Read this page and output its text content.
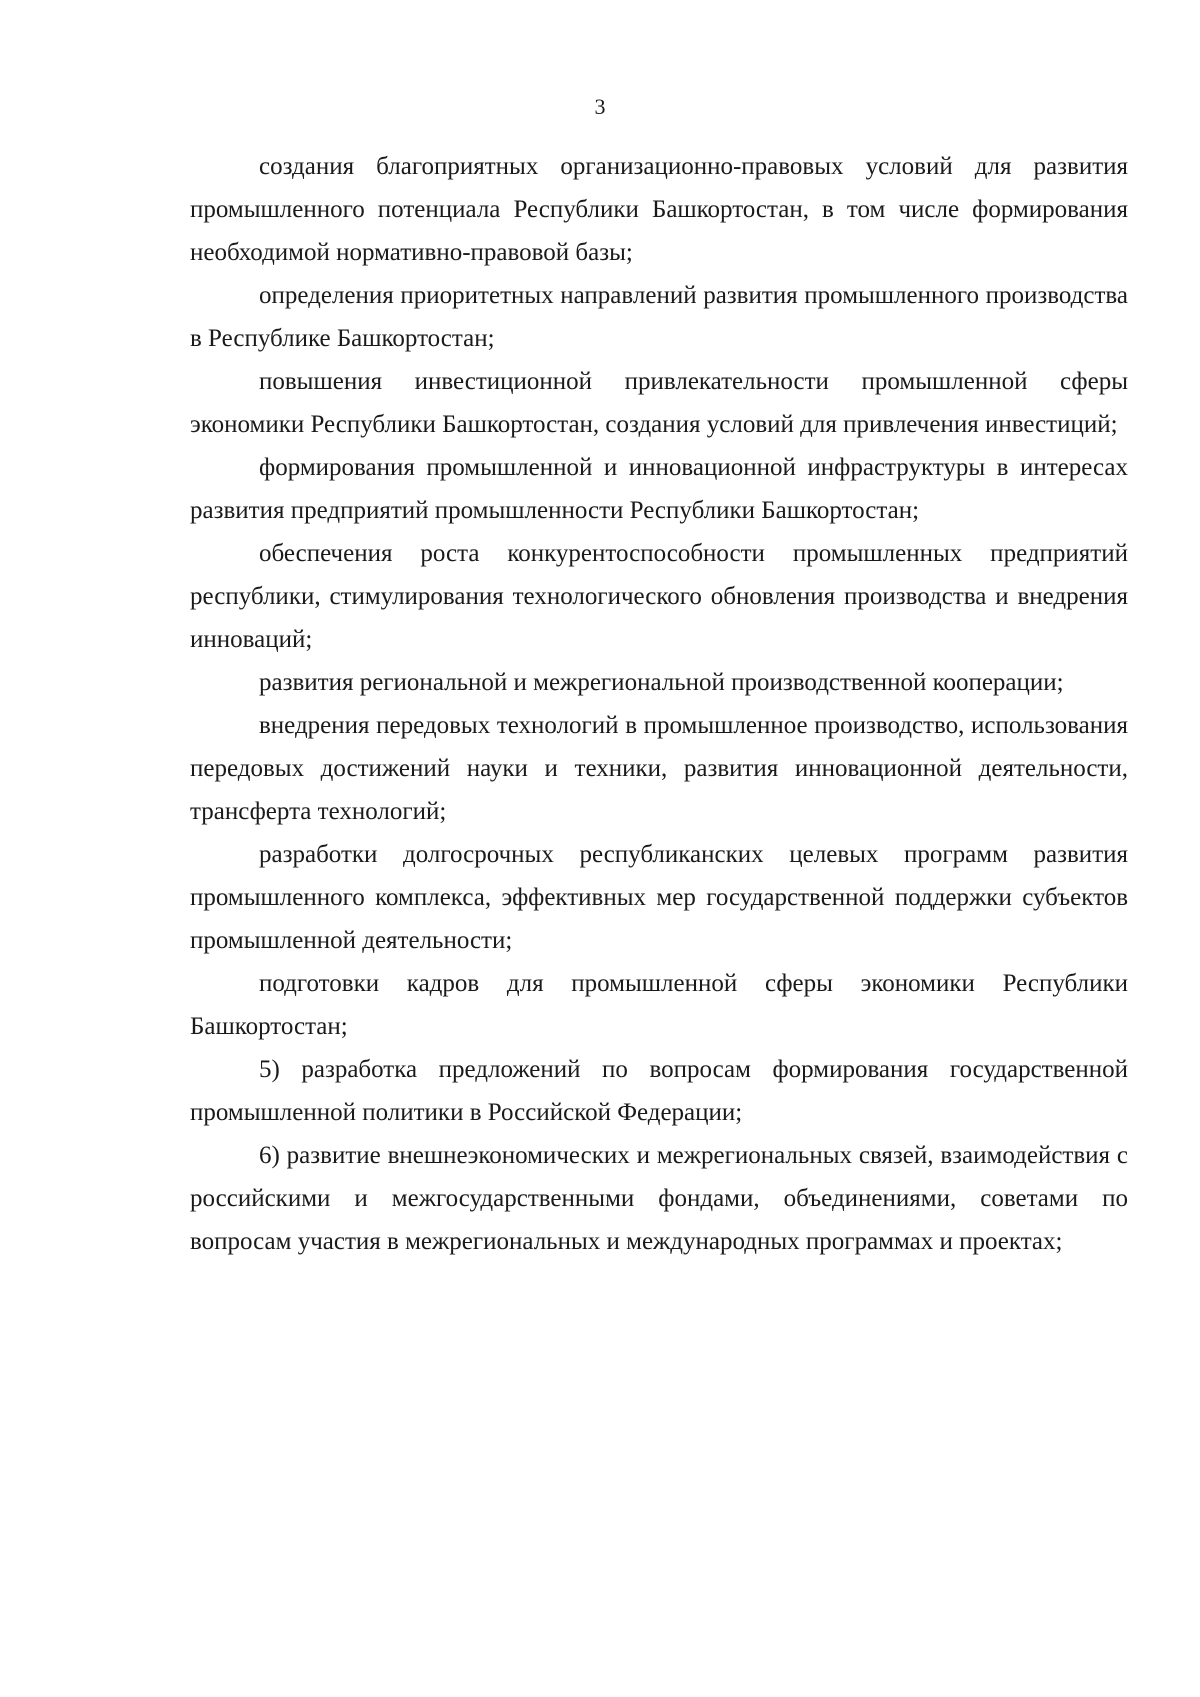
3

создания благоприятных организационно-правовых условий для развития промышленного потенциала Республики Башкортостан, в том числе формирования необходимой нормативно-правовой базы;

определения приоритетных направлений развития промышленного производства в Республике Башкортостан;

повышения инвестиционной привлекательности промышленной сферы экономики Республики Башкортостан, создания условий для привлечения инвестиций;

формирования промышленной и инновационной инфраструктуры в интересах развития предприятий промышленности Республики Башкортостан;

обеспечения роста конкурентоспособности промышленных предприятий республики, стимулирования технологического обновления производства и внедрения инноваций;

развития региональной и межрегиональной производственной кооперации;

внедрения передовых технологий в промышленное производство, использования передовых достижений науки и техники, развития инновационной деятельности, трансферта технологий;

разработки долгосрочных республиканских целевых программ развития промышленного комплекса, эффективных мер государственной поддержки субъектов промышленной деятельности;

подготовки кадров для промышленной сферы экономики Республики Башкортостан;

5) разработка предложений по вопросам формирования государственной промышленной политики в Российской Федерации;

6) развитие внешнеэкономических и межрегиональных связей, взаимодействия с российскими и межгосударственными фондами, объединениями, советами по вопросам участия в межрегиональных и международных программах и проектах;
